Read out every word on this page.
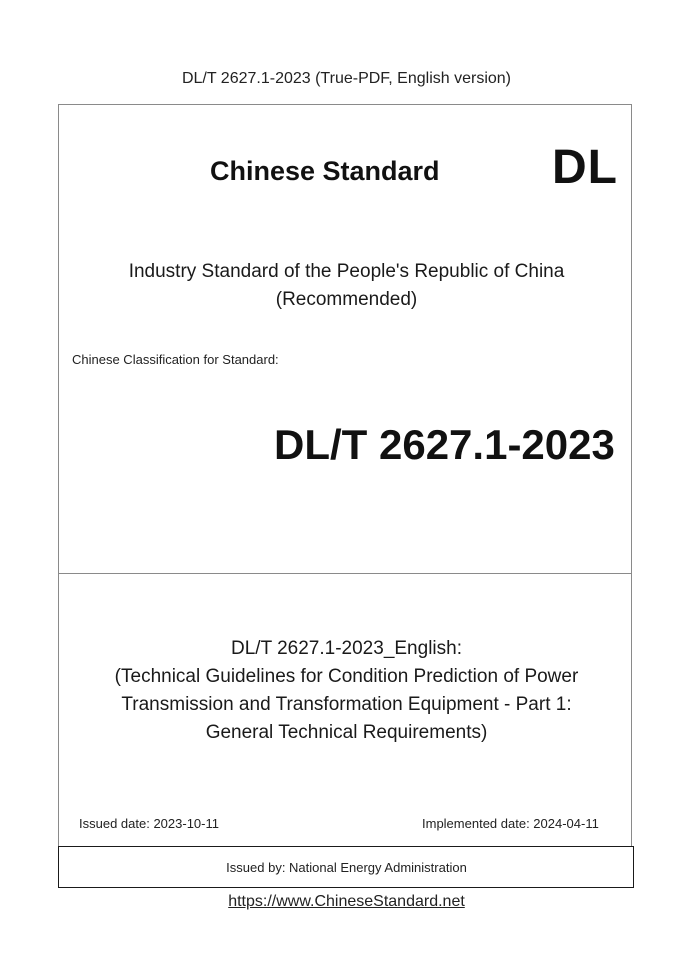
DL/T 2627.1-2023 (True-PDF, English version)
Chinese Standard DL
Industry Standard of the People's Republic of China
(Recommended)
Chinese Classification for Standard:
DL/T 2627.1-2023
DL/T 2627.1-2023_English:
(Technical Guidelines for Condition Prediction of Power
Transmission and Transformation Equipment - Part 1:
General Technical Requirements)
Issued date: 2023-10-11	Implemented date: 2024-04-11
Issued by: National Energy Administration
https://www.ChineseStandard.net
